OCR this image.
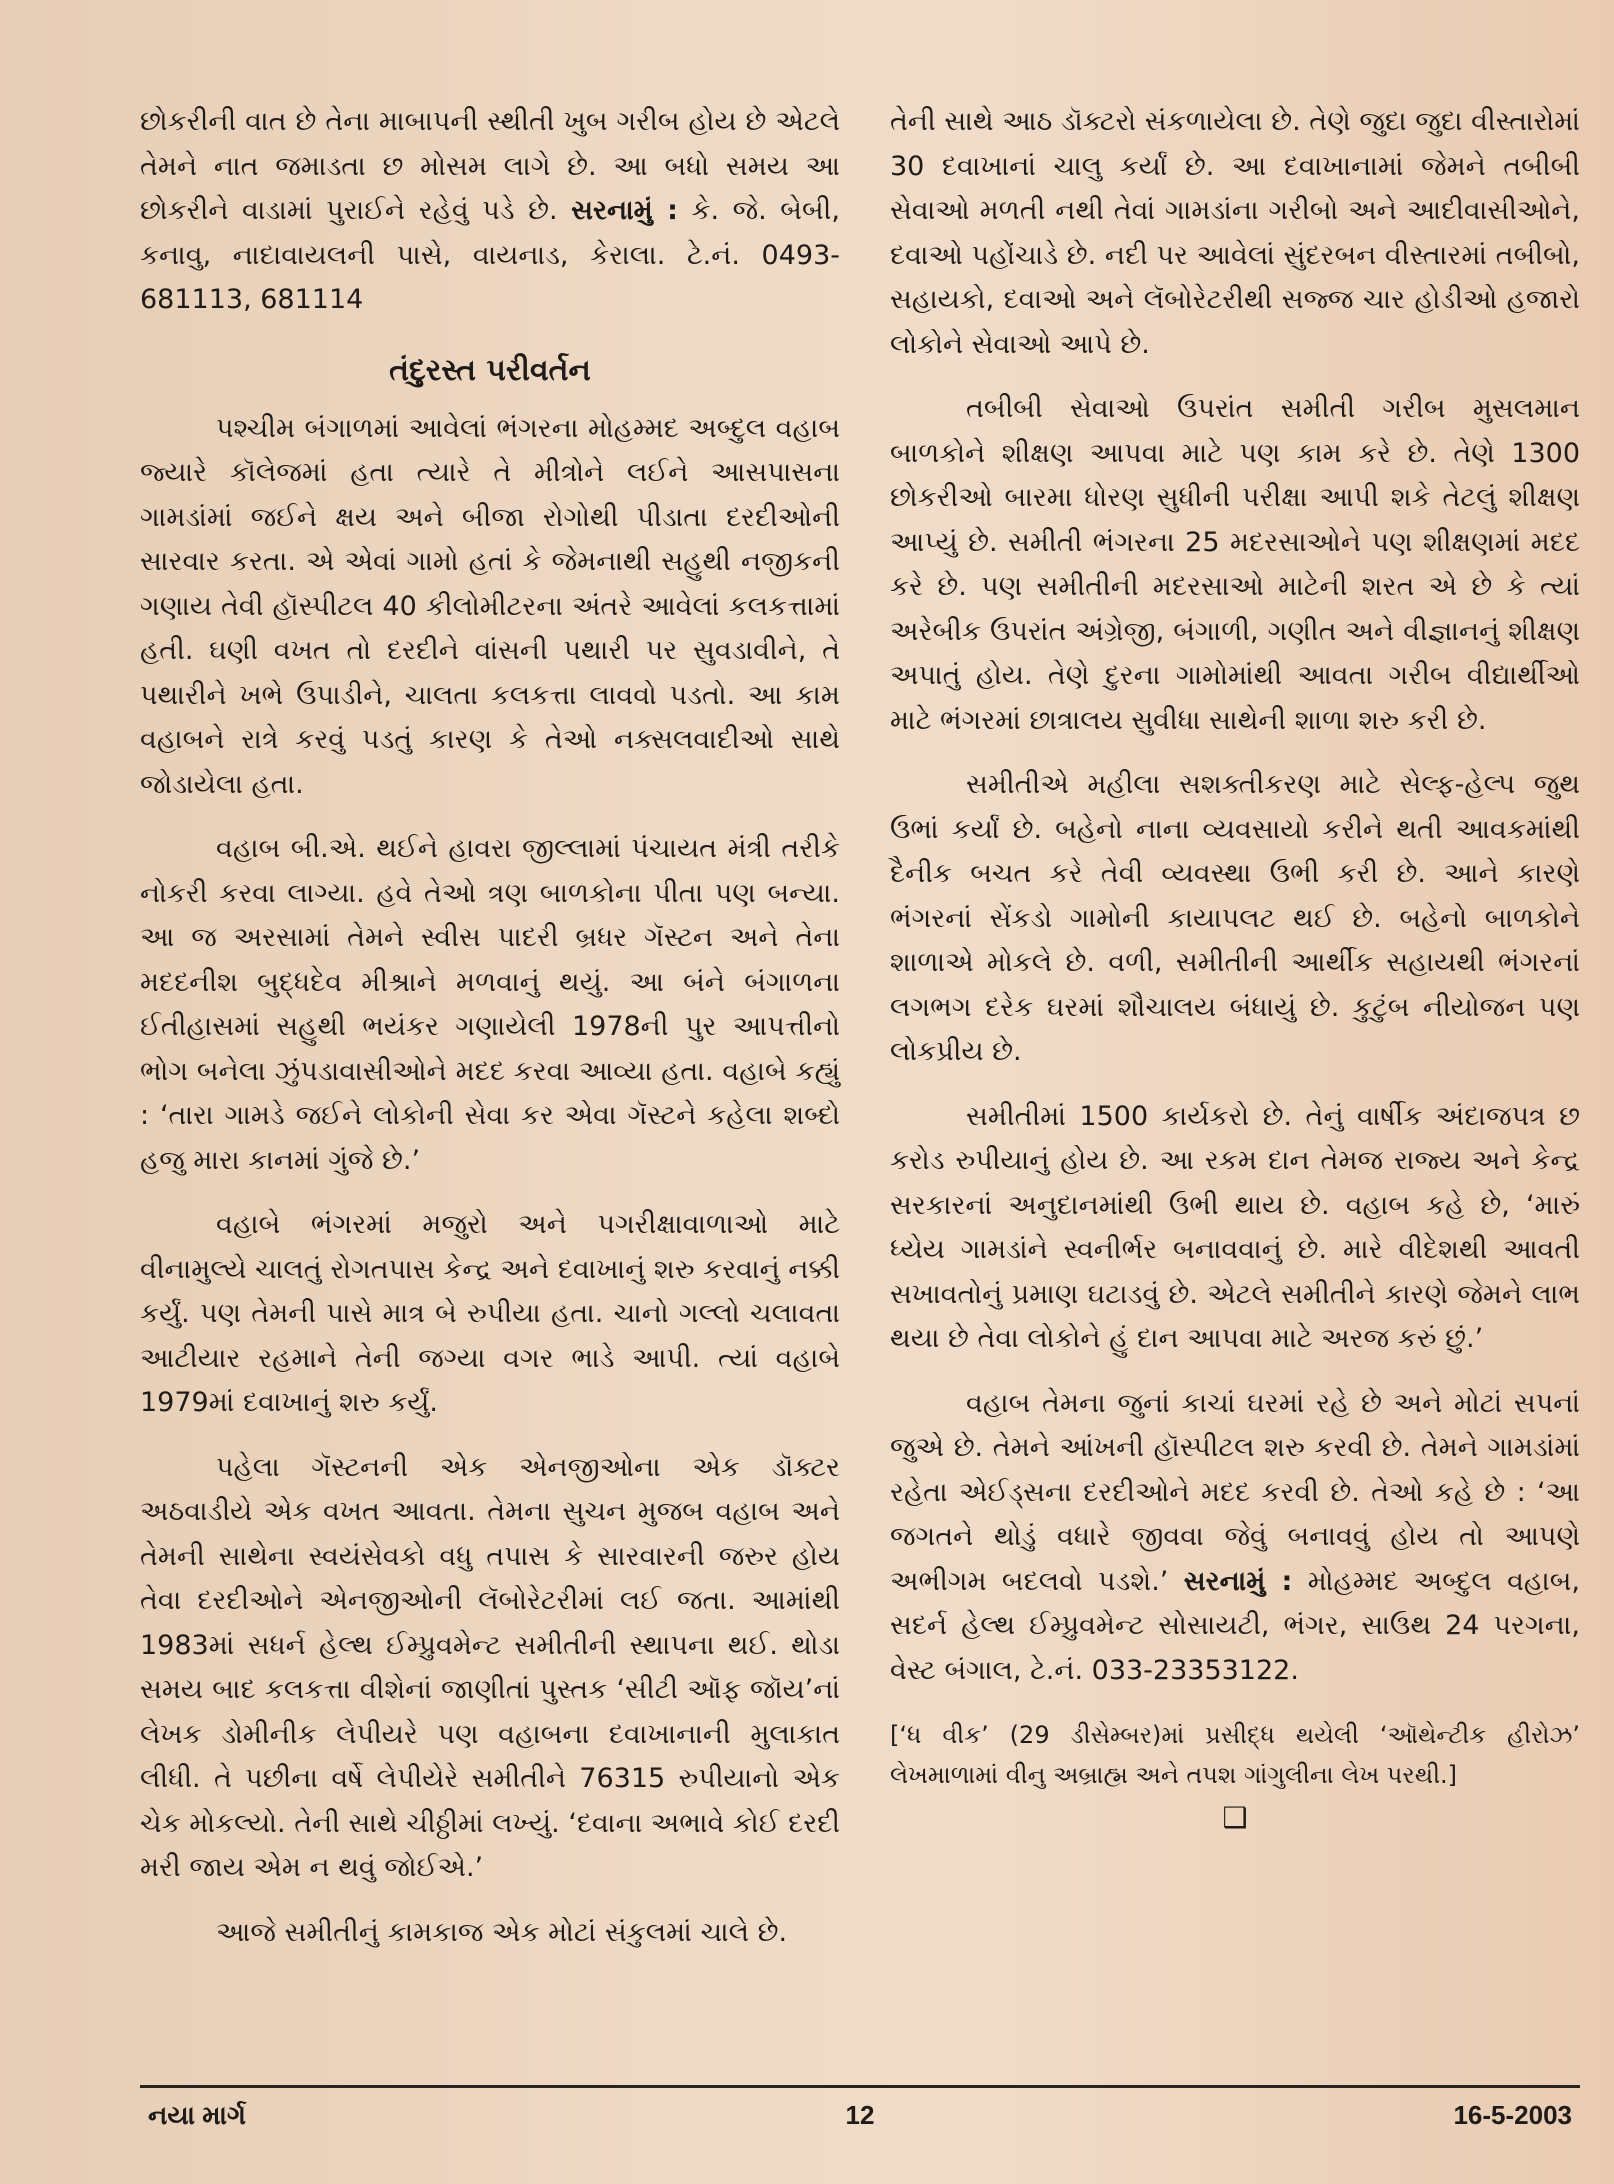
છોકરીની વાત છે તેના માબાપની સ્થીતી ખુબ ગરીબ હોય છે એટલે તેમને નાત જમાડતા છ મોસમ લાગે છે. આ બધો સમય આ છોકરીને વાડામાં પુરાઈને રહેવું પડે છે. સરનામું : કે. જે. બેબી, કનાવુ, નાદાવાયલની પાસે, વાયનાડ, કેરાલા. ટે.નં. 0493-681113, 681114

તંદુરસ્ત પરીવર્તન

પશ્ચીમ બંગાળમાં આવેલાં ભંગરના મોહમ્મદ અબ્દુલ વહાબ જ્યારે કૉલેજમાં હતા ત્યારે તે મીત્રોને લઈને આસપાસના ગામડાંમાં જઈને ક્ષય અને બીજા રોગોથી પીડાતા દરદીઓની સારવાર કરતા. એ એવાં ગામો હતાં કે જેમનાથી સહુથી નજીકની ગણાય તેવી હૉસ્પીટલ 40 કીલોમીટરના અંતરે આવેલાં કલકત્તામાં હતી. ઘણી વખત તો દરદીને વાંસની પથારી પર સુવડાવીને, તે પથારીને ખભે ઉપાડીને, ચાલતા કલકત્તા લાવવો પડતો. આ કામ વહાબને રાત્રે કરવું પડતું કારણ કે તેઓ નક્સલવાદીઓ સાથે જોડાયેલા હતા.

વહાબ બી.એ. થઈને હાવરા જીલ્લામાં પંચાયત મંત્રી તરીકે નોકરી કરવા લાગ્યા. હવે તેઓ ત્રણ બાળકોના પીતા પણ બન્યા. આ જ અરસામાં તેમને સ્વીસ પાદરી બ્રધર ગૅસ્ટન અને તેના મદદનીશ બુદ્ધદેવ મીશ્રાને મળવાનું થયું. આ બંને બંગાળના ઈતીહાસમાં સહુથી ભયંકર ગણાયેલી 1978ની પુર આપત્તીનો ભોગ બનેલા ઝુંપડાવાસીઓને મદદ કરવા આવ્યા હતા. વહાબે કહ્યું : ‘તારા ગામડે જઈને લોકોની સેવા કર એવા ગૅસ્ટને કહેલા શબ્દો હજુ મારા કાનમાં ગુંજે છે.’

વહાબે ભંગરમાં મજુરો અને પગરીક્ષાવાળાઓ માટે વીનામુલ્યે ચાલતું રોગતપાસ કેન્દ્ર અને દવાખાનું શરુ કરવાનું નક્કી કર્યું. પણ તેમની પાસે માત્ર બે રુપીયા હતા. ચાનો ગલ્લો ચલાવતા આટીયાર રહમાને તેની જગ્યા વગર ભાડે આપી. ત્યાં વહાબે 1979માં દવાખાનું શરુ કર્યું.

પહેલા ગૅસ્ટનની એક એનજીઓના એક ડૉક્ટર અઠવાડીયે એક વખત આવતા. તેમના સુચન મુજબ વહાબ અને તેમની સાથેના સ્વયંસેવકો વધુ તપાસ કે સારવારની જરુર હોય તેવા દરદીઓને એનજીઓની લૅબોરેટરીમાં લઈ જતા. આમાંથી 1983માં સધર્ન હેલ્થ ઈમ્પ્રુવમેન્ટ સમીતીની સ્થાપના થઈ. થોડા સમય બાદ કલકત્તા વીશેનાં જાણીતાં પુસ્તક ‘સીટી ઑફ જૉય’નાં લેખક ડોમીનીક લેપીયરે પણ વહાબના દવાખાનાની મુલાકાત લીધી. તે પછીના વર્ષે લેપીયેરે સમીતીને 76315 રુપીયાનો એક ચેક મોકલ્યો. તેની સાથે ચીઠ્ઠીમાં લખ્યું. ‘દવાના અભાવે કોઈ દરદી મરી જાય એમ ન થવું જોઈએ.’

આજે સમીતીનું કામકાજ એક મોટાં સંકુલમાં ચાલે છે.

તેની સાથે આઠ ડૉક્ટરો સંકળાયેલા છે. તેણે જુદા જુદા વીસ્તારોમાં 30 દવાખાનાં ચાલુ કર્યાં છે. આ દવાખાનામાં જેમને તબીબી સેવાઓ મળતી નથી તેવાં ગામડાંના ગરીબો અને આદીવાસીઓને, દવાઓ પહોંચાડે છે. નદી પર આવેલાં સુંદરબન વીસ્તારમાં તબીબો, સહાયકો, દવાઓ અને લૅબોરેટરીથી સજ્જ ચાર હોડીઓ હજારો લોકોને સેવાઓ આપે છે.

તબીબી સેવાઓ ઉપરાંત સમીતી ગરીબ મુસલમાન બાળકોને શીક્ષણ આપવા માટે પણ કામ કરે છે. તેણે 1300 છોકરીઓ બારમા ધોરણ સુધીની પરીક્ષા આપી શકે તેટલું શીક્ષણ આપ્યું છે. સમીતી ભંગરના 25 મદરસાઓને પણ શીક્ષણમાં મદદ કરે છે. પણ સમીતીની મદરસાઓ માટેની શરત એ છે કે ત્યાં અરેબીક ઉપરાંત અંગ્રેજી, બંગાળી, ગણીત અને વીજ્ઞાનનું શીક્ષણ અપાતું હોય. તેણે દુરના ગામોમાંથી આવતા ગરીબ વીદ્યાર્થીઓ માટે ભંગરમાં છાત્રાલય સુવીધા સાથેની શાળા શરુ કરી છે.

સમીતીએ મહીલા સશક્તીકરણ માટે સેલ્ફ-હેલ્પ જુથ ઉભાં કર્યાં છે. બહેનો નાના વ્યવસાયો કરીને થતી આવકમાંથી દૈનીક બચત કરે તેવી વ્યવસ્થા ઉભી કરી છે. આને કારણે ભંગરનાં સેંકડો ગામોની કાયાપલટ થઈ છે. બહેનો બાળકોને શાળાએ મોકલે છે. વળી, સમીતીની આર્થીક સહાયથી ભંગરનાં લગભગ દરેક ઘરમાં શૌચાલય બંધાયું છે. કુટુંબ નીયોજન પણ લોકપ્રીય છે.

સમીતીમાં 1500 કાર્યકરો છે. તેનું વાર્ષીક અંદાજપત્ર છ કરોડ રુપીયાનું હોય છે. આ રકમ દાન તેમજ રાજ્ય અને કેન્દ્ર સરકારનાં અનુદાનમાંથી ઉભી થાય છે. વહાબ કહે છે, ‘મારું ધ્યેય ગામડાંને સ્વનીર્ભર બનાવવાનું છે. મારે વીદેશથી આવતી સખાવતોનું પ્રમાણ ઘટાડવું છે. એટલે સમીતીને કારણે જેમને લાભ થયા છે તેવા લોકોને હું દાન આપવા માટે અરજ કરું છું.’

વહાબ તેમના જુનાં કાચાં ઘરમાં રહે છે અને મોટાં સપનાં જુએ છે. તેમને આંખની હૉસ્પીટલ શરુ કરવી છે. તેમને ગામડાંમાં રહેતા એઈડ્સના દરદીઓને મદદ કરવી છે. તેઓ કહે છે : ‘આ જગતને થોડું વધારે જીવવા જેવું બનાવવું હોય તો આપણે અભીગમ બદલવો પડશે.’ સરનામું : મોહમ્મદ અબ્દુલ વહાબ, સદર્ન હેલ્થ ઈમ્પ્રુવમેન્ટ સોસાયટી, ભંગર, સાઉથ 24 પરગના, વેસ્ટ બંગાલ, ટે.નં. 033-23353122.

[‘ધ વીક’ (29 ડીસેમ્બર)માં પ્રસીદ્ધ થયેલી ‘ઑથેન્ટીક હીરોઝ’ લેખમાળામાં વીનુ અબ્રાહ્મ અને તપશ ગાંગુલીના લેખ પરથી.]
❑
નયા માર્ગ	12	16-5-2003
